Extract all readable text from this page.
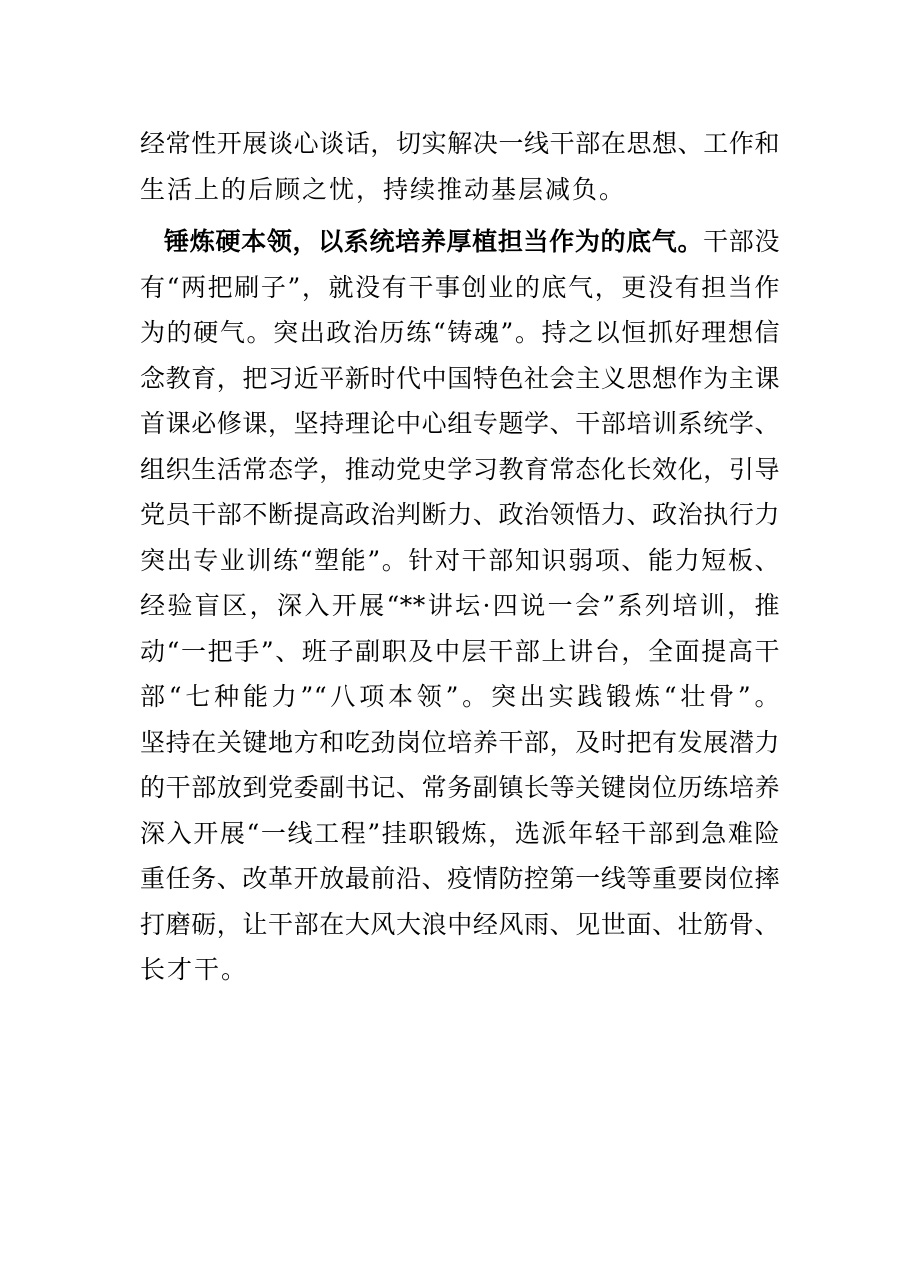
经常性开展谈心谈话，切实解决一线干部在思想、工作和
生活上的后顾之忧，持续推动基层减负。
锤炼硬本领，以系统培养厚植担当作为的底气。干部没
有“两把刷子”，就没有干事创业的底气，更没有担当作
为的硬气。突出政治历练“铸魂”。持之以恒抓好理想信
念教育，把习近平新时代中国特色社会主义思想作为主课
首课必修课，坚持理论中心组专题学、干部培训系统学、
组织生活常态学，推动党史学习教育常态化长效化，引导
党员干部不断提高政治判断力、政治领悟力、政治执行力
突出专业训练“塑能”。针对干部知识弱项、能力短板、
经验盲区，深入开展“**讲坛·四说一会”系列培训，推
动“一把手”、班子副职及中层干部上讲台，全面提高干
部“七种能力”“八项本领”。突出实践锻炼“壮骨”。
坚持在关键地方和吃劲岗位培养干部，及时把有发展潜力
的干部放到党委副书记、常务副镇长等关键岗位历练培养
深入开展“一线工程”挂职锻炼，选派年轻干部到急难险
重任务、改革开放最前沿、疫情防控第一线等重要岗位摔
打磨砺，让干部在大风大浪中经风雨、见世面、壮筋骨、
长才干。
